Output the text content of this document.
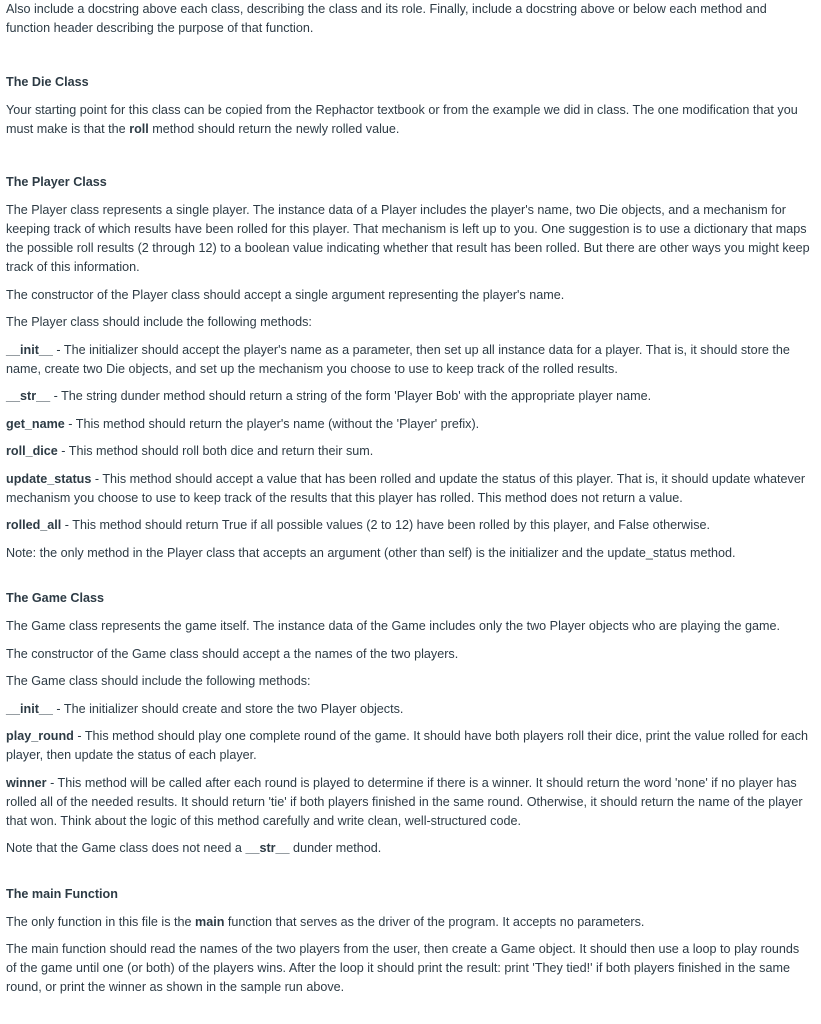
Also include a docstring above each class, describing the class and its role. Finally, include a docstring above or below each method and function header describing the purpose of that function.

The Die Class

Your starting point for this class can be copied from the Rephactor textbook or from the example we did in class. The one modification that you must make is that the roll method should return the newly rolled value.

The Player Class

The Player class represents a single player. The instance data of a Player includes the player's name, two Die objects, and a mechanism for keeping track of which results have been rolled for this player. That mechanism is left up to you. One suggestion is to use a dictionary that maps the possible roll results (2 through 12) to a boolean value indicating whether that result has been rolled. But there are other ways you might keep track of this information.

The constructor of the Player class should accept a single argument representing the player's name.

The Player class should include the following methods:

__init__ - The initializer should accept the player's name as a parameter, then set up all instance data for a player. That is, it should store the name, create two Die objects, and set up the mechanism you choose to use to keep track of the rolled results.

__str__ - The string dunder method should return a string of the form 'Player Bob' with the appropriate player name.

get_name - This method should return the player's name (without the 'Player' prefix).

roll_dice - This method should roll both dice and return their sum.

update_status - This method should accept a value that has been rolled and update the status of this player. That is, it should update whatever mechanism you choose to use to keep track of the results that this player has rolled. This method does not return a value.

rolled_all - This method should return True if all possible values (2 to 12) have been rolled by this player, and False otherwise.

Note: the only method in the Player class that accepts an argument (other than self) is the initializer and the update_status method.

The Game Class

The Game class represents the game itself. The instance data of the Game includes only the two Player objects who are playing the game.

The constructor of the Game class should accept a the names of the two players.

The Game class should include the following methods:

__init__ - The initializer should create and store the two Player objects.

play_round - This method should play one complete round of the game. It should have both players roll their dice, print the value rolled for each player, then update the status of each player.

winner - This method will be called after each round is played to determine if there is a winner. It should return the word 'none' if no player has rolled all of the needed results. It should return 'tie' if both players finished in the same round. Otherwise, it should return the name of the player that won. Think about the logic of this method carefully and write clean, well-structured code.

Note that the Game class does not need a __str__ dunder method.

The main Function

The only function in this file is the main function that serves as the driver of the program. It accepts no parameters.

The main function should read the names of the two players from the user, then create a Game object. It should then use a loop to play rounds of the game until one (or both) of the players wins. After the loop it should print the result: print 'They tied!' if both players finished in the same round, or print the winner as shown in the sample run above.
